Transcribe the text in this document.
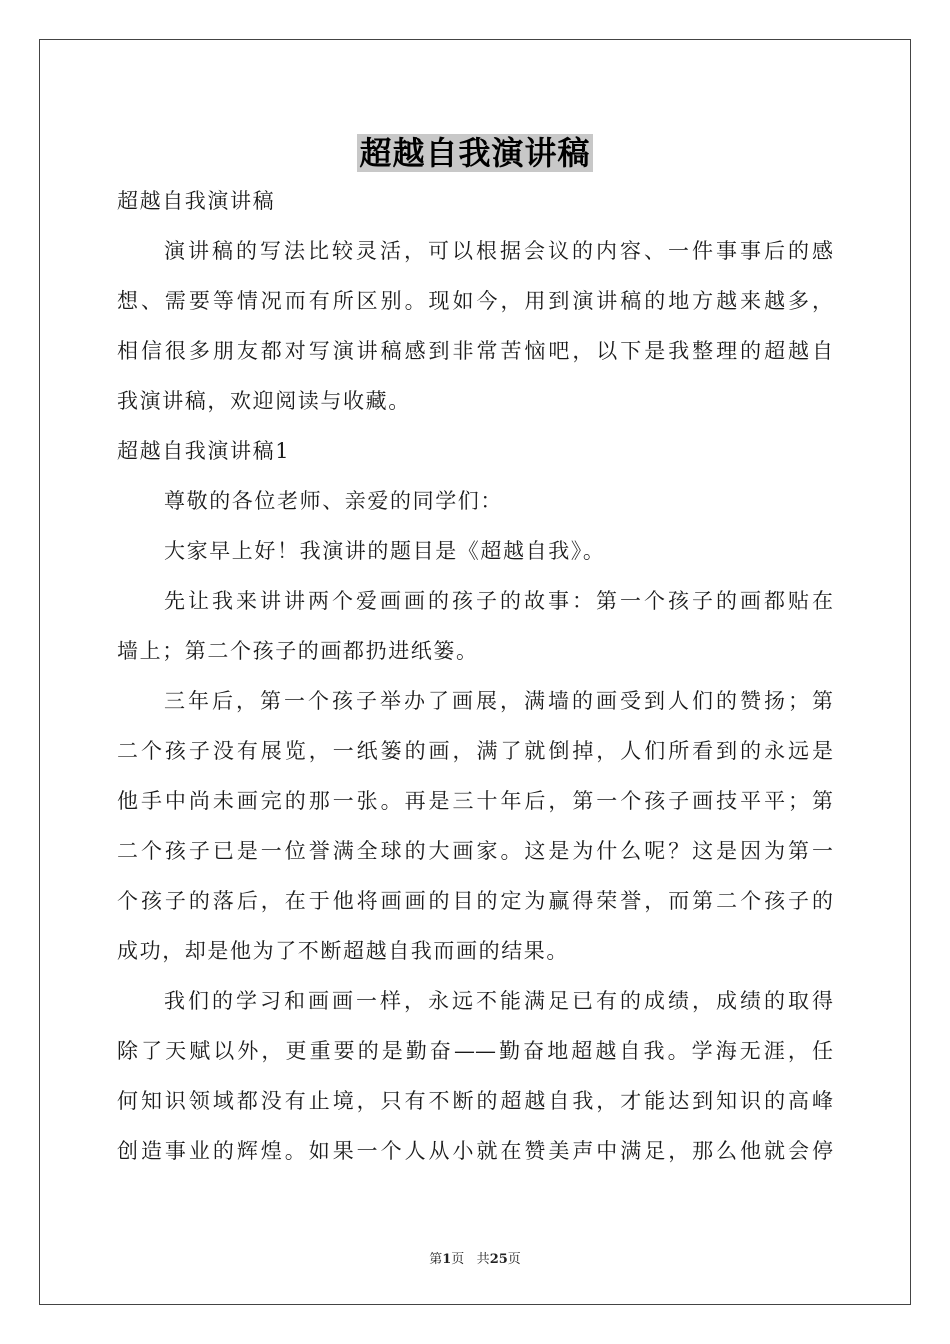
超越自我演讲稿
超越自我演讲稿
演讲稿的写法比较灵活，可以根据会议的内容、一件事事后的感
想、需要等情况而有所区别。现如今，用到演讲稿的地方越来越多，
相信很多朋友都对写演讲稿感到非常苦恼吧，以下是我整理的超越自
我演讲稿，欢迎阅读与收藏。
超越自我演讲稿1
尊敬的各位老师、亲爱的同学们：
大家早上好！我演讲的题目是《超越自我》。
先让我来讲讲两个爱画画的孩子的故事：第一个孩子的画都贴在
墙上；第二个孩子的画都扔进纸篓。
三年后，第一个孩子举办了画展，满墙的画受到人们的赞扬；第
二个孩子没有展览，一纸篓的画，满了就倒掉，人们所看到的永远是
他手中尚未画完的那一张。再是三十年后，第一个孩子画技平平；第
二个孩子已是一位誉满全球的大画家。这是为什么呢？这是因为第一
个孩子的落后，在于他将画画的目的定为赢得荣誉，而第二个孩子的
成功，却是他为了不断超越自我而画的结果。
我们的学习和画画一样，永远不能满足已有的成绩，成绩的取得
除了天赋以外，更重要的是勤奋——勤奋地超越自我。学海无涯，任
何知识领域都没有止境，只有不断的超越自我，才能达到知识的高峰
创造事业的辉煌。如果一个人从小就在赞美声中满足，那么他就会停
第1页 共25页
